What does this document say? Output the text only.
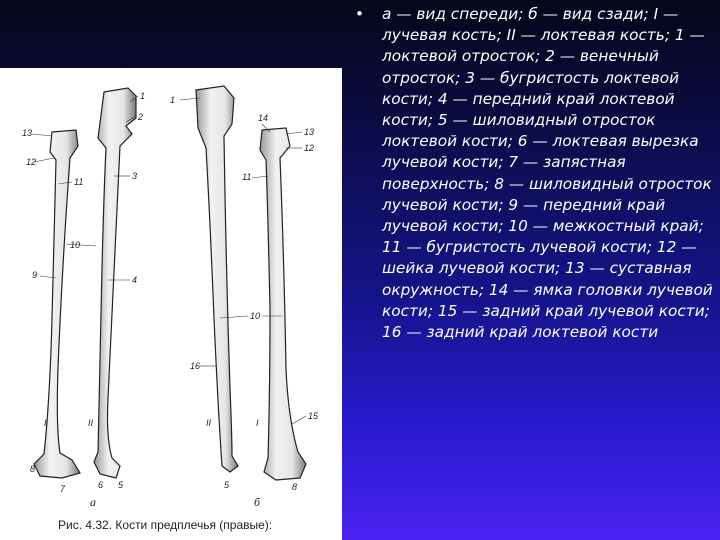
13
12
9
11
10
1
2
3
4
II
I
8
7	6 5
1
14
13
12
11
10
16
15
II	I
5	8
а	б
Рис. 4.32. Кости предплечья (правые):
•	а — вид спереди; б — вид сзади; I — лучевая кость; II — локтевая кость; 1 — локтевой отросток; 2 — венечный отросток; 3 — бугристость локтевой кости; 4 — передний край локтевой кости; 5 — шиловидный отросток локтевой кости; 6 — локтевая вырезка лучевой кости; 7 — запястная поверхность; 8 — шиловидный отросток лучевой кости; 9 — передний край лучевой кости; 10 — межкостный край; 11 — бугристость лучевой кости; 12 — шейка лучевой кости; 13 — суставная окружность; 14 — ямка головки лучевой кости; 15 — задний край лучевой кости; 16 — задний край локтевой кости
